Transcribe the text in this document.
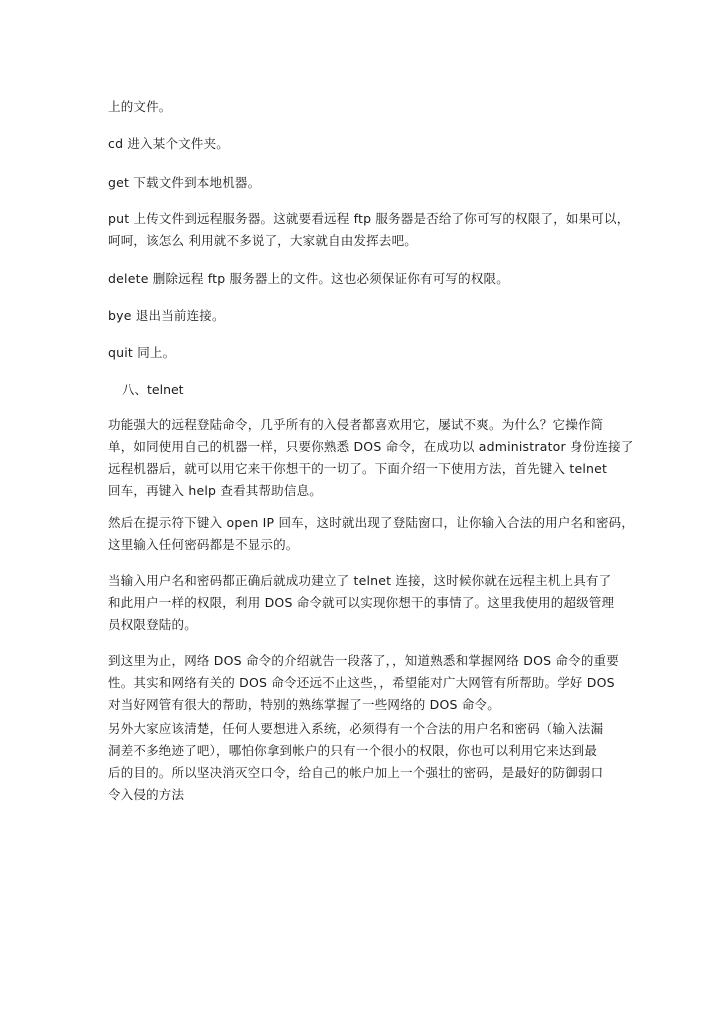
上的文件。

cd 进入某个文件夹。

get 下载文件到本地机器。

put 上传文件到远程服务器。这就要看远程 ftp 服务器是否给了你可写的权限了，如果可以，
呵呵，该怎么 利用就不多说了，大家就自由发挥去吧。

delete 删除远程 ftp 服务器上的文件。这也必须保证你有可写的权限。

bye 退出当前连接。

quit 同上。

八、telnet

功能强大的远程登陆命令，几乎所有的入侵者都喜欢用它，屡试不爽。为什么？它操作简
单，如同使用自己的机器一样，只要你熟悉 DOS 命令，在成功以 administrator 身份连接了
远程机器后，就可以用它来干你想干的一切了。下面介绍一下使用方法，首先键入 telnet
回车，再键入 help 查看其帮助信息。

然后在提示符下键入 open IP 回车，这时就出现了登陆窗口，让你输入合法的用户名和密码，
这里输入任何密码都是不显示的。

当输入用户名和密码都正确后就成功建立了 telnet 连接，这时候你就在远程主机上具有了
和此用户一样的权限，利用 DOS 命令就可以实现你想干的事情了。这里我使用的超级管理
员权限登陆的。

到这里为止，网络 DOS 命令的介绍就告一段落了，，知道熟悉和掌握网络 DOS 命令的重要
性。其实和网络有关的 DOS 命令还远不止这些，，希望能对广大网管有所帮助。学好 DOS
对当好网管有很大的帮助，特别的熟练掌握了一些网络的 DOS 命令。

另外大家应该清楚，任何人要想进入系统，必须得有一个合法的用户名和密码（输入法漏
洞差不多绝迹了吧），哪怕你拿到帐户的只有一个很小的权限，你也可以利用它来达到最
后的目的。所以坚决消灭空口令，给自己的帐户加上一个强壮的密码，是最好的防御弱口
令入侵的方法
